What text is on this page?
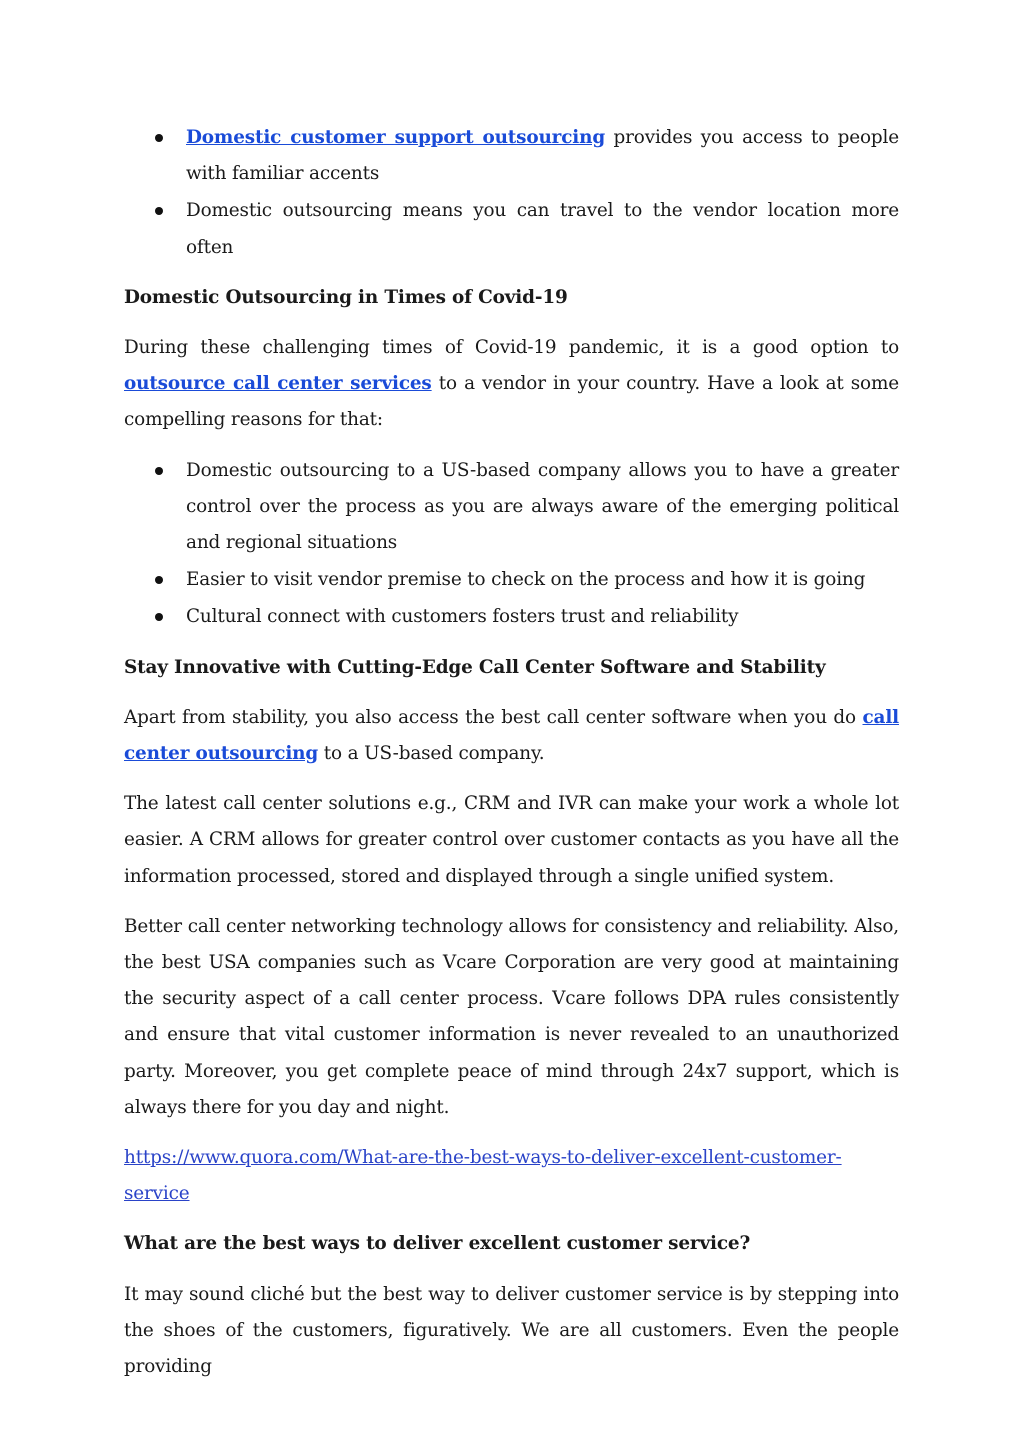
Domestic customer support outsourcing provides you access to people with familiar accents
Domestic outsourcing means you can travel to the vendor location more often

Domestic Outsourcing in Times of Covid-19

During these challenging times of Covid-19 pandemic, it is a good option to outsource call center services to a vendor in your country. Have a look at some compelling reasons for that:

Domestic outsourcing to a US-based company allows you to have a greater control over the process as you are always aware of the emerging political and regional situations
Easier to visit vendor premise to check on the process and how it is going
Cultural connect with customers fosters trust and reliability

Stay Innovative with Cutting-Edge Call Center Software and Stability

Apart from stability, you also access the best call center software when you do call center outsourcing to a US-based company.

The latest call center solutions e.g., CRM and IVR can make your work a whole lot easier. A CRM allows for greater control over customer contacts as you have all the information processed, stored and displayed through a single unified system.

Better call center networking technology allows for consistency and reliability. Also, the best USA companies such as Vcare Corporation are very good at maintaining the security aspect of a call center process. Vcare follows DPA rules consistently and ensure that vital customer information is never revealed to an unauthorized party. Moreover, you get complete peace of mind through 24x7 support, which is always there for you day and night.

https://www.quora.com/What-are-the-best-ways-to-deliver-excellent-customer-
service

What are the best ways to deliver excellent customer service?

It may sound cliché but the best way to deliver customer service is by stepping into the shoes of the customers, figuratively. We are all customers. Even the people providing
